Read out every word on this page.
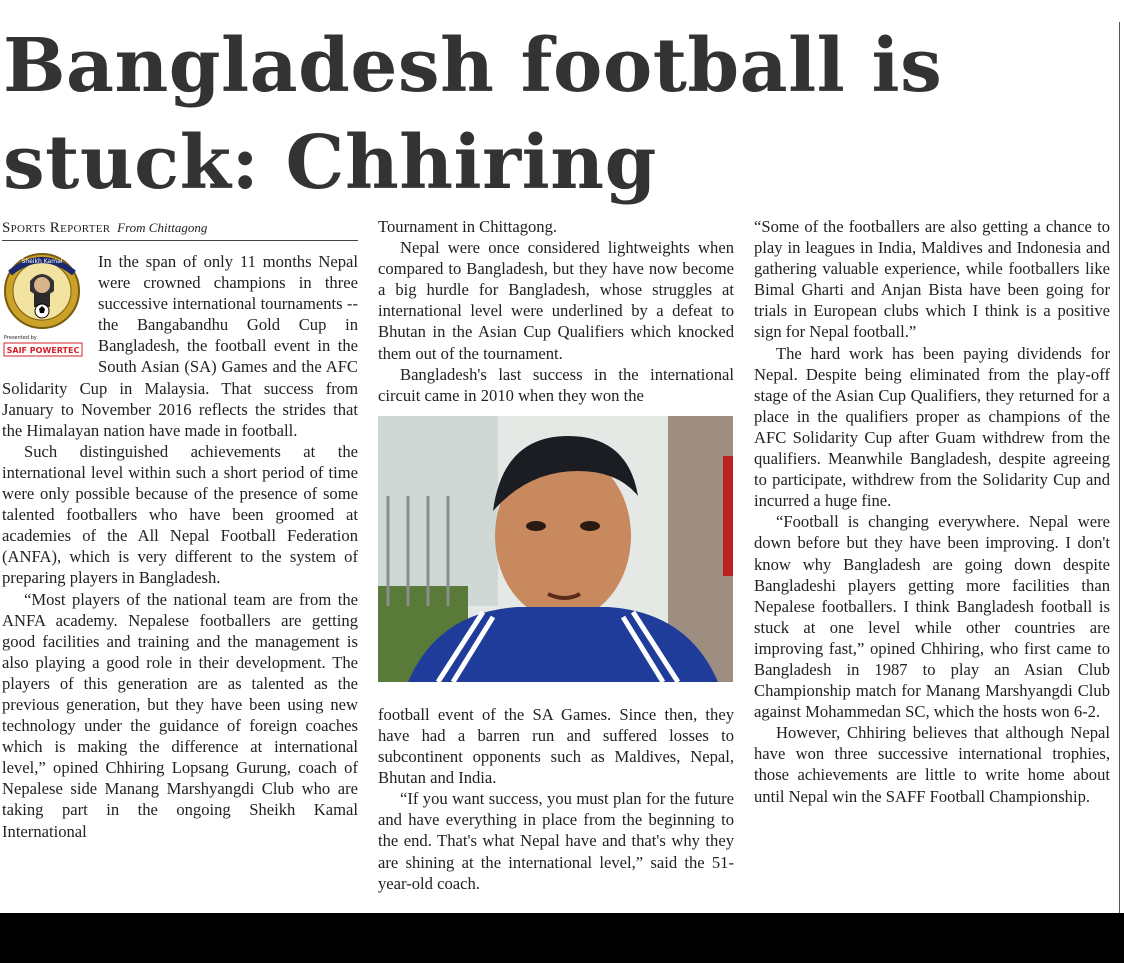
Bangladesh football is
stuck: Chhiring
Sports Reporter From Chittagong
Sheikh Kamal
Presented by
SAIF POWERTEC

In the span of only 11 months Nepal were crowned champions in three successive international tournaments -- the Bangabandhu Gold Cup in Bangladesh, the football event in the South Asian (SA) Games and the AFC Solidarity Cup in Malaysia. That success from January to November 2016 reflects the strides that the Himalayan nation have made in football.

Such distinguished achievements at the international level within such a short period of time were only possible because of the presence of some talented footballers who have been groomed at academies of the All Nepal Football Federation (ANFA), which is very different to the system of preparing players in Bangladesh.

“Most players of the national team are from the ANFA academy. Nepalese footballers are getting good facilities and training and the management is also playing a good role in their development. The players of this generation are as talented as the previous generation, but they have been using new technology under the guidance of foreign coaches which is making the difference at international level,” opined Chhiring Lopsang Gurung, coach of Nepalese side Manang Marshyangdi Club who are taking part in the ongoing Sheikh Kamal International

Tournament in Chittagong.

Nepal were once considered lightweights when compared to Bangladesh, but they have now become a big hurdle for Bangladesh, whose struggles at international level were underlined by a defeat to Bhutan in the Asian Cup Qualifiers which knocked them out of the tournament.

Bangladesh's last success in the international circuit came in 2010 when they won the

football event of the SA Games. Since then, they have had a barren run and suffered losses to subcontinent opponents such as Maldives, Nepal, Bhutan and India.

“If you want success, you must plan for the future and have everything in place from the beginning to the end. That's what Nepal have and that's why they are shining at the international level,” said the 51-year-old coach.

“Some of the footballers are also getting a chance to play in leagues in India, Maldives and Indonesia and gathering valuable experience, while footballers like Bimal Gharti and Anjan Bista have been going for trials in European clubs which I think is a positive sign for Nepal football.”

The hard work has been paying dividends for Nepal. Despite being eliminated from the play-off stage of the Asian Cup Qualifiers, they returned for a place in the qualifiers proper as champions of the AFC Solidarity Cup after Guam withdrew from the qualifiers. Meanwhile Bangladesh, despite agreeing to participate, withdrew from the Solidarity Cup and incurred a huge fine.

“Football is changing everywhere. Nepal were down before but they have been improving. I don't know why Bangladesh are going down despite Bangladeshi players getting more facilities than Nepalese footballers. I think Bangladesh football is stuck at one level while other countries are improving fast,” opined Chhiring, who first came to Bangladesh in 1987 to play an Asian Club Championship match for Manang Marshyangdi Club against Mohammedan SC, which the hosts won 6-2.

However, Chhiring believes that although Nepal have won three successive international trophies, those achievements are little to write home about until Nepal win the SAFF Football Championship.
